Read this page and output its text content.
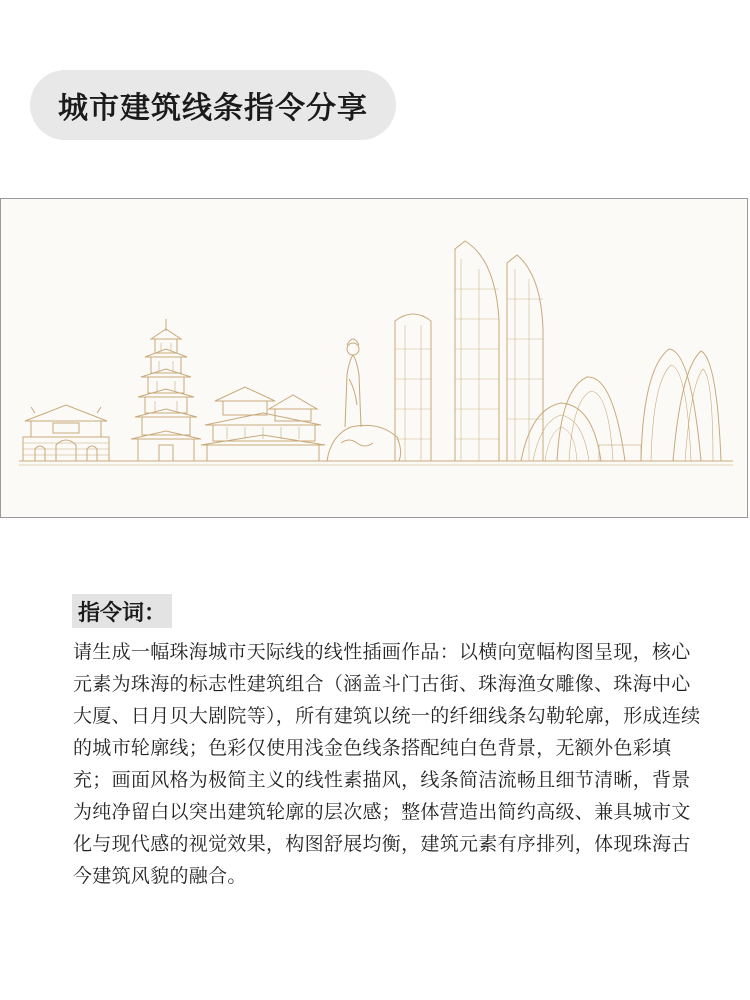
城市建筑线条指令分享
指令词：
请生成一幅珠海城市天际线的线性插画作品：以横向宽幅构图呈现，核心元素为珠海的标志性建筑组合（涵盖斗门古街、珠海渔女雕像、珠海中心大厦、日月贝大剧院等），所有建筑以统一的纤细线条勾勒轮廓，形成连续的城市轮廓线；色彩仅使用浅金色线条搭配纯白色背景，无额外色彩填充；画面风格为极简主义的线性素描风，线条简洁流畅且细节清晰，背景为纯净留白以突出建筑轮廓的层次感；整体营造出简约高级、兼具城市文化与现代感的视觉效果，构图舒展均衡，建筑元素有序排列，体现珠海古今建筑风貌的融合。
